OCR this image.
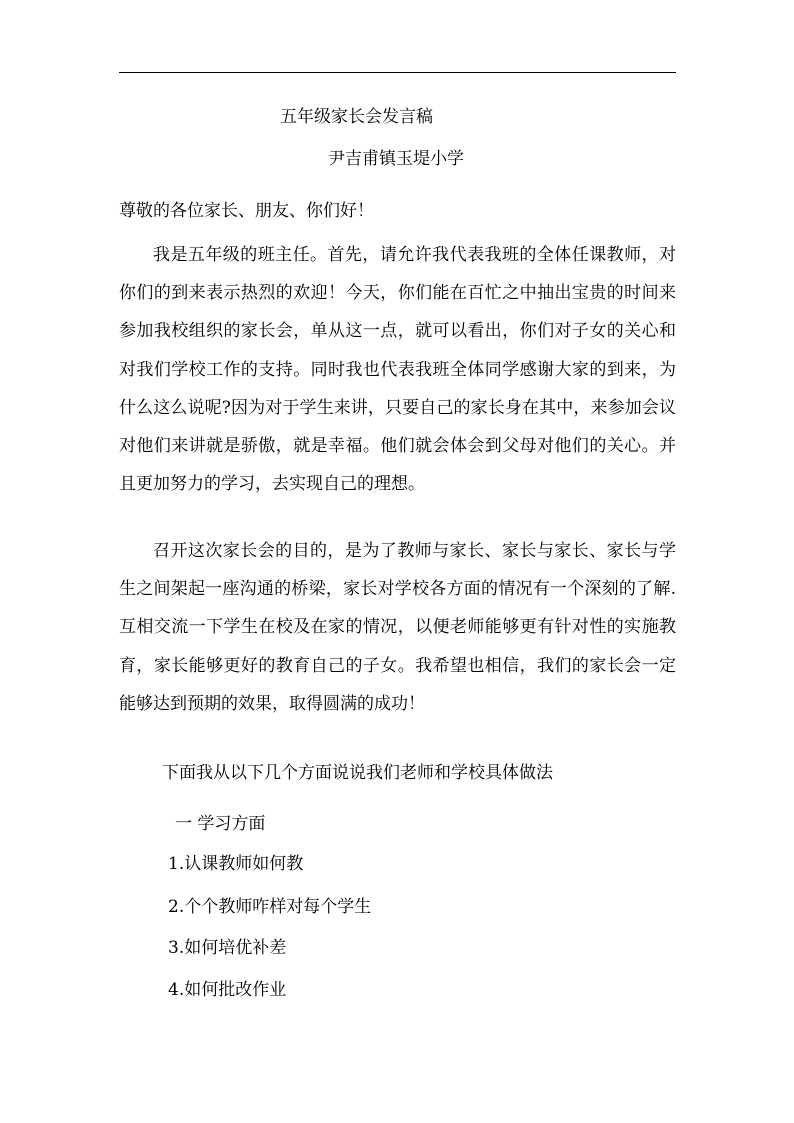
五年级家长会发言稿
尹吉甫镇玉堤小学
尊敬的各位家长、朋友、你们好！

我是五年级的班主任。首先，请允许我代表我班的全体任课教师，对你们的到来表示热烈的欢迎！今天，你们能在百忙之中抽出宝贵的时间来参加我校组织的家长会，单从这一点，就可以看出，你们对子女的关心和对我们学校工作的支持。同时我也代表我班全体同学感谢大家的到来，为什么这么说呢?因为对于学生来讲，只要自己的家长身在其中，来参加会议对他们来讲就是骄傲，就是幸福。他们就会体会到父母对他们的关心。并且更加努力的学习，去实现自己的理想。

召开这次家长会的目的，是为了教师与家长、家长与家长、家长与学生之间架起一座沟通的桥梁，家长对学校各方面的情况有一个深刻的了解.互相交流一下学生在校及在家的情况，以便老师能够更有针对性的实施教育，家长能够更好的教育自己的子女。我希望也相信，我们的家长会一定能够达到预期的效果，取得圆满的成功！

下面我从以下几个方面说说我们老师和学校具体做法
一 学习方面
1.认课教师如何教
2.个个教师咋样对每个学生
3.如何培优补差
4.如何批改作业
